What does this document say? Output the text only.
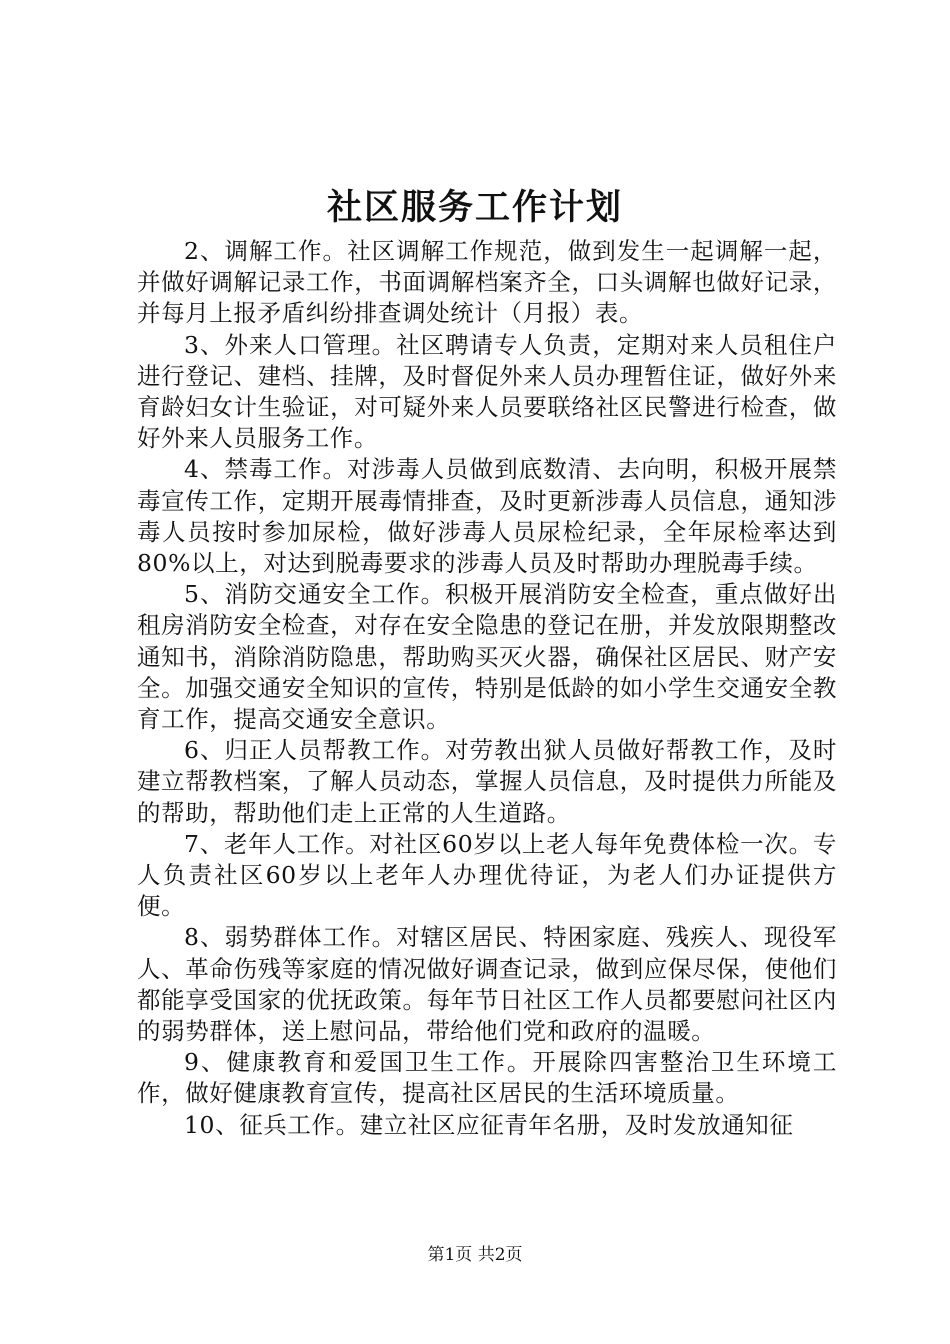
社区服务工作计划

2、调解工作。社区调解工作规范，做到发生一起调解一起，并做好调解记录工作，书面调解档案齐全，口头调解也做好记录，并每月上报矛盾纠纷排查调处统计（月报）表。

3、外来人口管理。社区聘请专人负责，定期对来人员租住户进行登记、建档、挂牌，及时督促外来人员办理暂住证，做好外来育龄妇女计生验证，对可疑外来人员要联络社区民警进行检查，做好外来人员服务工作。

4、禁毒工作。对涉毒人员做到底数清、去向明，积极开展禁毒宣传工作，定期开展毒情排查，及时更新涉毒人员信息，通知涉毒人员按时参加尿检，做好涉毒人员尿检纪录，全年尿检率达到80%以上，对达到脱毒要求的涉毒人员及时帮助办理脱毒手续。

5、消防交通安全工作。积极开展消防安全检查，重点做好出租房消防安全检查，对存在安全隐患的登记在册，并发放限期整改通知书，消除消防隐患，帮助购买灭火器，确保社区居民、财产安全。加强交通安全知识的宣传，特别是低龄的如小学生交通安全教育工作，提高交通安全意识。

6、归正人员帮教工作。对劳教出狱人员做好帮教工作，及时建立帮教档案，了解人员动态，掌握人员信息，及时提供力所能及的帮助，帮助他们走上正常的人生道路。

7、老年人工作。对社区60岁以上老人每年免费体检一次。专人负责社区60岁以上老年人办理优待证，为老人们办证提供方便。

8、弱势群体工作。对辖区居民、特困家庭、残疾人、现役军人、革命伤残等家庭的情况做好调查记录，做到应保尽保，使他们都能享受国家的优抚政策。每年节日社区工作人员都要慰问社区内的弱势群体，送上慰问品，带给他们党和政府的温暖。

9、健康教育和爱国卫生工作。开展除四害整治卫生环境工作，做好健康教育宣传，提高社区居民的生活环境质量。

10、征兵工作。建立社区应征青年名册，及时发放通知征

第1页 共2页
